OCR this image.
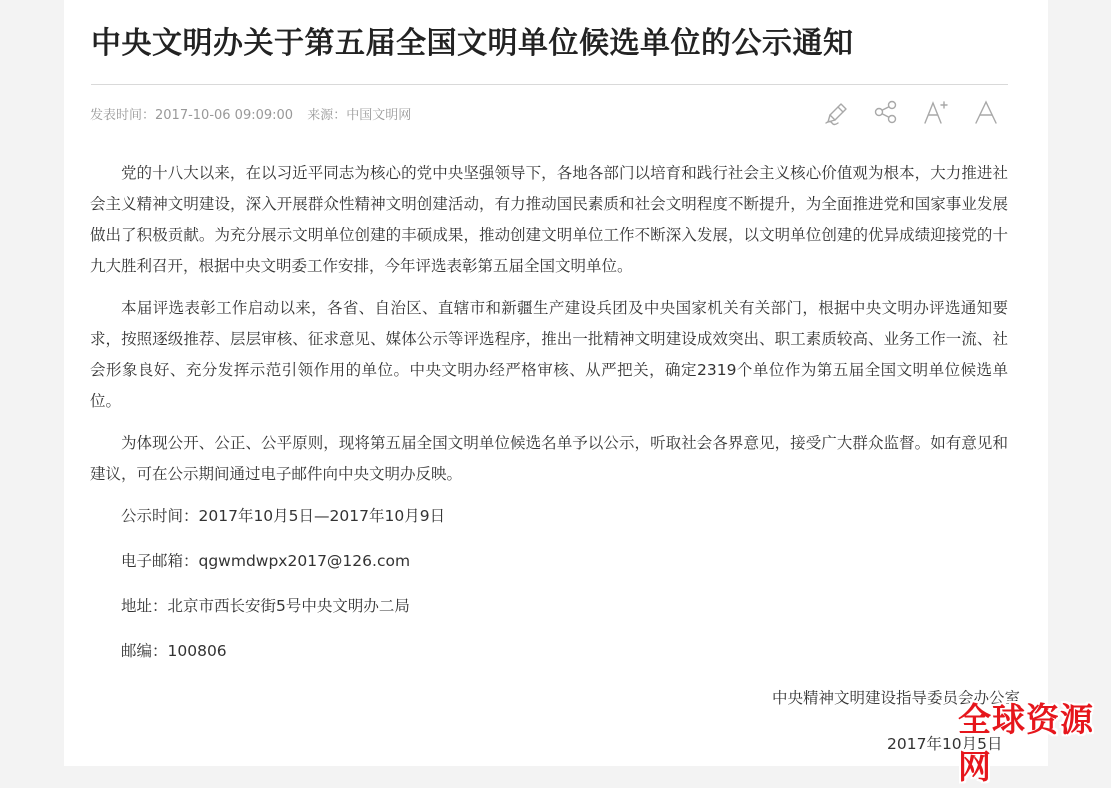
中央文明办关于第五届全国文明单位候选单位的公示通知
发表时间：2017-10-06 09:09:00 来源：中国文明网

党的十八大以来，在以习近平同志为核心的党中央坚强领导下，各地各部门以培育和践行社会主义核心价值观为根本，大力推进社会主义精神文明建设，深入开展群众性精神文明创建活动，有力推动国民素质和社会文明程度不断提升，为全面推进党和国家事业发展做出了积极贡献。为充分展示文明单位创建的丰硕成果，推动创建文明单位工作不断深入发展，以文明单位创建的优异成绩迎接党的十九大胜利召开，根据中央文明委工作安排，今年评选表彰第五届全国文明单位。

本届评选表彰工作启动以来，各省、自治区、直辖市和新疆生产建设兵团及中央国家机关有关部门，根据中央文明办评选通知要求，按照逐级推荐、层层审核、征求意见、媒体公示等评选程序，推出一批精神文明建设成效突出、职工素质较高、业务工作一流、社会形象良好、充分发挥示范引领作用的单位。中央文明办经严格审核、从严把关，确定2319个单位作为第五届全国文明单位候选单位。

为体现公开、公正、公平原则，现将第五届全国文明单位候选名单予以公示，听取社会各界意见，接受广大群众监督。如有意见和建议，可在公示期间通过电子邮件向中央文明办反映。

公示时间：2017年10月5日—2017年10月9日

电子邮箱：qgwmdwpx2017@126.com

地址：北京市西长安街5号中央文明办二局

邮编：100806

中央精神文明建设指导委员会办公室
2017年10月5日
全球资源网
